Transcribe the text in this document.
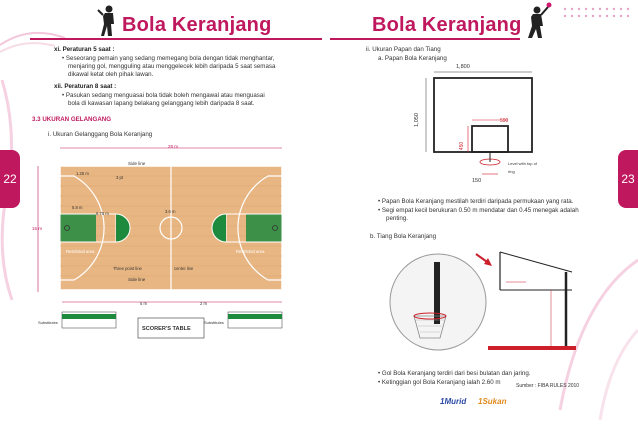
Bola Keranjang	Bola Keranjang
22	23
xi. Peraturan 5 saat :
• Seseorang pemain yang sedang memegang bola dengan tidak menghantar,
menjaring gol, mengguling atau menggelecek lebih daripada 5 saat semasa
dikawal ketat oleh pihak lawan.
xii. Peraturan 8 saat :
• Pasukan sedang menguasai bola tidak boleh mengawal atau menguasai
bola di kawasan lapang belakang gelanggang lebih daripada 8 saat.
3.3 UKURAN GELANGANG
i. Ukuran Gelanggang Bola Keranjang
28 m
15 m
Side line
Side line
1.25 m
5.8 m
3.6 m
6.75 m
3 pt
Three point line	centre line
Restricted area	Restricted area
Team bench	Team bench
Substitutes	Substitutes
5 m	2 m
SCORER'S TABLE
ii. Ukuran Papan dan Tiang
a. Papan Bola Keranjang
1,800
1,050	590
450
150
Level with top of ring
• Papan Bola Keranjang mestilah terdiri daripada permukaan yang rata.
• Segi empat kecil berukuran 0.50 m mendatar dan 0.45 menegak adalah
penting.
b. Tiang Bola Keranjang
• Gol Bola Keranjang terdiri dari besi bulatan dan jaring.
• Ketinggian gol Bola Keranjang ialah 2.60 m	Sumber : FIBA RULES 2010
1Murid 1Sukan
